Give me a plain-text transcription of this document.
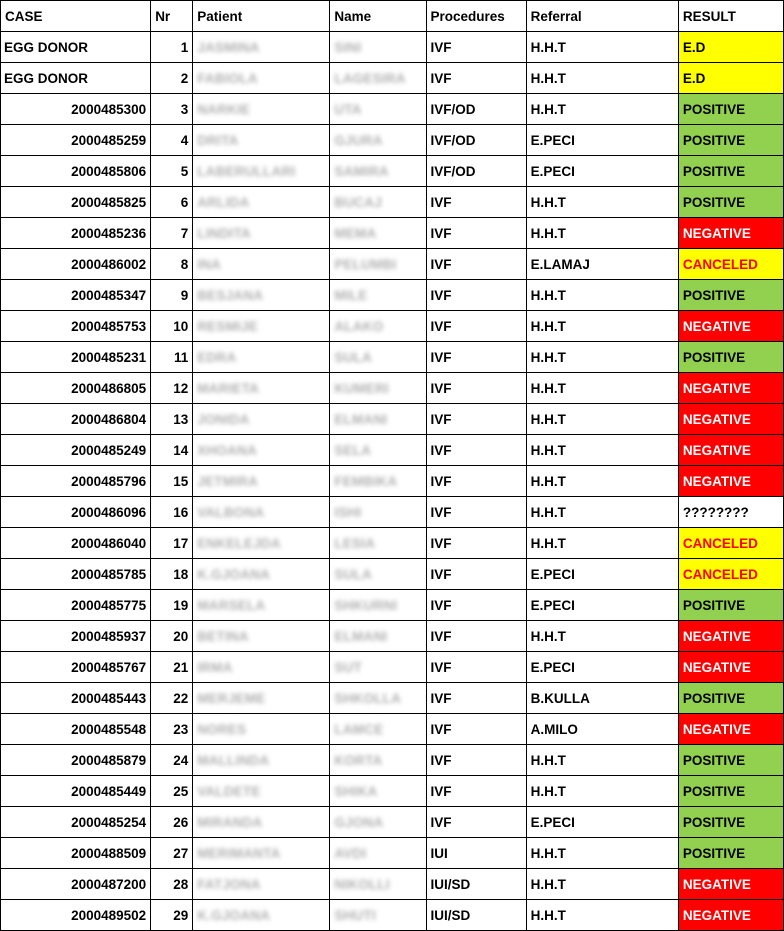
CASE	Nr	Patient	Name	Procedures	Referral	RESULT
EGG DONOR	1	JASMINA	SINI	IVF	H.H.T	E.D
EGG DONOR	2	FABIOLA	LAGESIRA	IVF	H.H.T	E.D
2000485300	3	NARKIE	UTA	IVF/OD	H.H.T	POSITIVE
2000485259	4	DRITA	GJURA	IVF/OD	E.PECI	POSITIVE
2000485806	5	LABERULLARI	SAMIRA	IVF/OD	E.PECI	POSITIVE
2000485825	6	ARLIDA	BUCAJ	IVF	H.H.T	POSITIVE
2000485236	7	LINDITA	MEMA	IVF	H.H.T	NEGATIVE
2000486002	8	INA	PELUMBI	IVF	E.LAMAJ	CANCELED
2000485347	9	BESJANA	MILE	IVF	H.H.T	POSITIVE
2000485753	10	RESMIJE	ALAKO	IVF	H.H.T	NEGATIVE
2000485231	11	EDRA	SULA	IVF	H.H.T	POSITIVE
2000486805	12	MARIETA	KUMERI	IVF	H.H.T	NEGATIVE
2000486804	13	JONIDA	ELMANI	IVF	H.H.T	NEGATIVE
2000485249	14	XHOANA	SELA	IVF	H.H.T	NEGATIVE
2000485796	15	JETMIRA	FEMBIKA	IVF	H.H.T	NEGATIVE
2000486096	16	VALBONA	ISHI	IVF	H.H.T	????????
2000486040	17	ENKELEJDA	LESIA	IVF	H.H.T	CANCELED
2000485785	18	K.GJOANA	SULA	IVF	E.PECI	CANCELED
2000485775	19	MARSELA	SHKURNI	IVF	E.PECI	POSITIVE
2000485937	20	BETINA	ELMANI	IVF	H.H.T	NEGATIVE
2000485767	21	IRMA	SUT	IVF	E.PECI	NEGATIVE
2000485443	22	MERJEME	SHKOLLA	IVF	B.KULLA	POSITIVE
2000485548	23	NORES	LAMCE	IVF	A.MILO	NEGATIVE
2000485879	24	MALLINDA	KORTA	IVF	H.H.T	POSITIVE
2000485449	25	VALDETE	SHIKA	IVF	H.H.T	POSITIVE
2000485254	26	MIRANDA	GJONA	IVF	E.PECI	POSITIVE
2000488509	27	MERIMANTA	AVDI	IUI	H.H.T	POSITIVE
2000487200	28	FATJONA	NIKOLLI	IUI/SD	H.H.T	NEGATIVE
2000489502	29	K.GJOANA	SHUTI	IUI/SD	H.H.T	NEGATIVE
